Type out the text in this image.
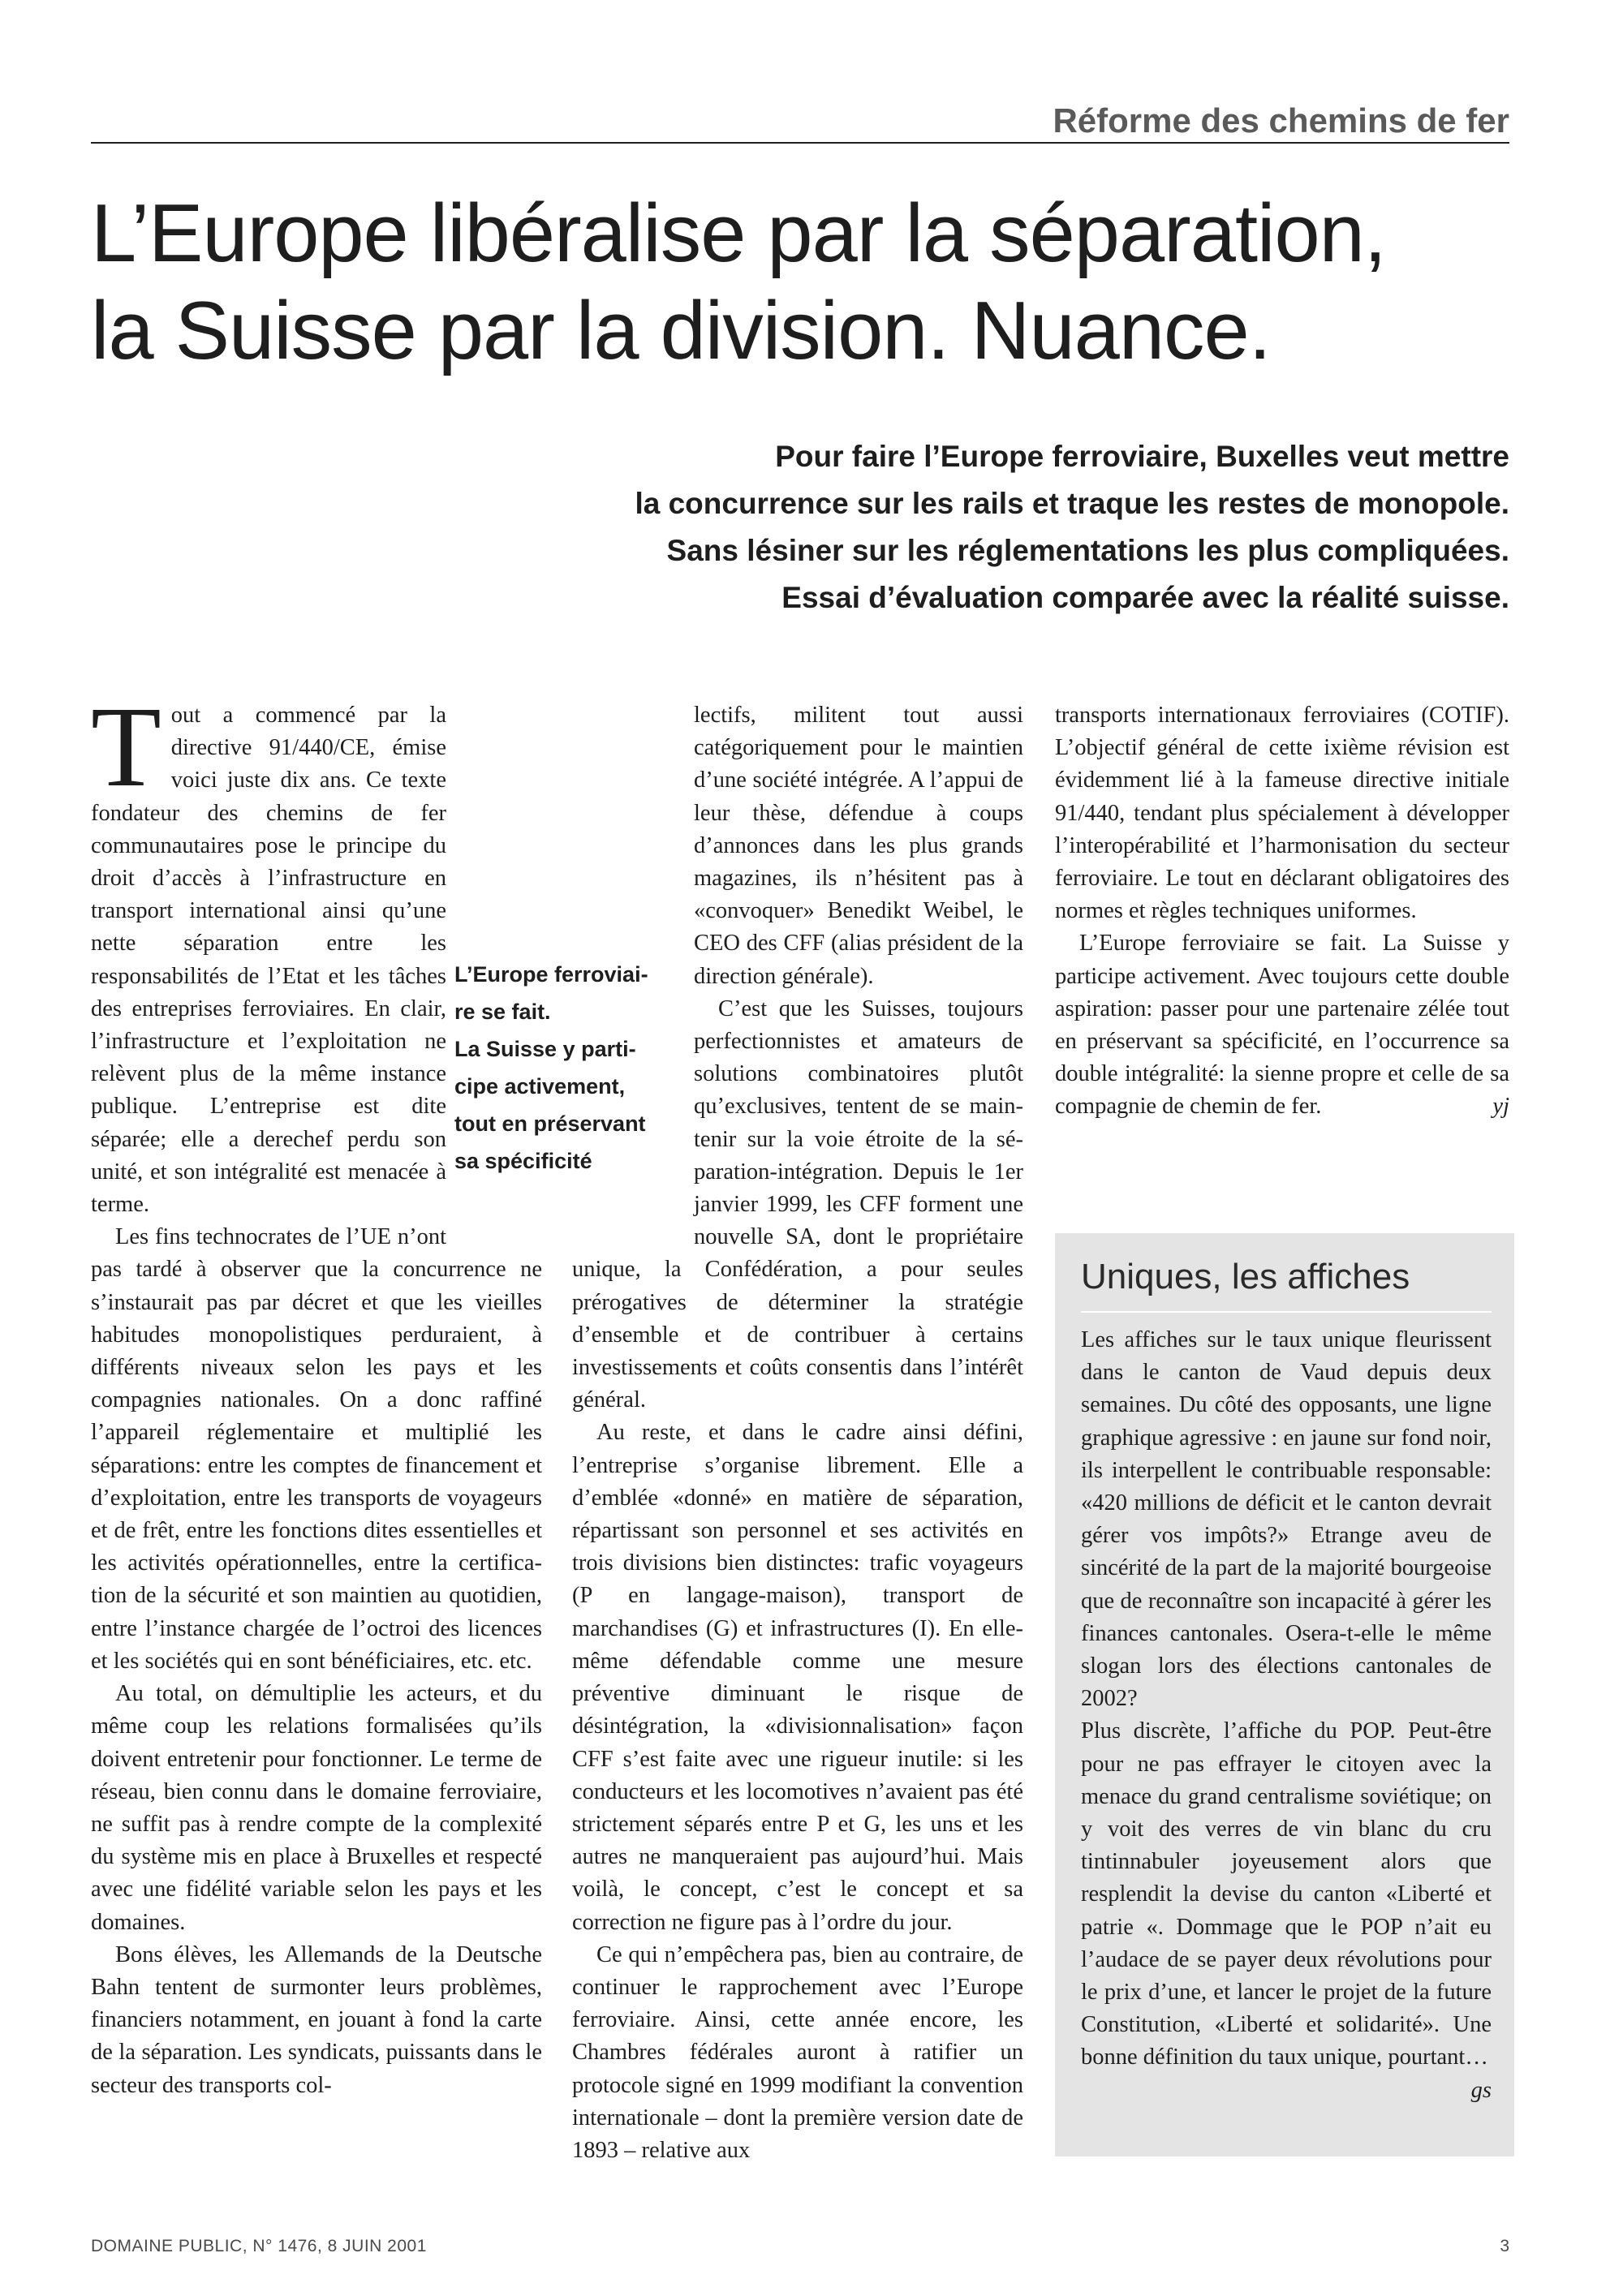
Réforme des chemins de fer
L’Europe libéralise par la séparation,
la Suisse par la division. Nuance.
Pour faire l’Europe ferroviaire, Buxelles veut mettre
la concurrence sur les rails et traque les restes de monopole.
Sans lésiner sur les réglementations les plus compliquées.
Essai d’évaluation comparée avec la réalité suisse.

Tout a commencé par la directive 91/440/CE, émise voici juste dix ans. Ce texte fondateur des chemins de fer communautaires pose le principe du droit d’accès à l’infrastructure en transport international ainsi qu’une nette séparation entre les responsabilités de l’Etat et les tâches des entreprises ferroviaires. En clair, l’infrastructure et l’exploitation ne relèvent plus de la même instance publique. L’entreprise est dite séparée; elle a derechef perdu son unité, et son intégralité est menacée à terme.

Les fins technocrates de l’UE n’ont pas tardé à observer que la concurrence ne s’instaurait pas par décret et que les vieilles habitudes monopolistiques perduraient, à différents niveaux selon les pays et les compagnies nationales. On a donc raffiné l’appareil réglementaire et multiplié les séparations: entre les comptes de financement et d’exploitation, entre les transports de voyageurs et de frêt, entre les fonctions dites essentielles et les activités opérationnelles, entre la certification de la sécurité et son maintien au quotidien, entre l’instance chargée de l’octroi des licences et les sociétés qui en sont bénéficiaires, etc. etc.

Au total, on démultiplie les acteurs, et du même coup les relations formalisées qu’ils doivent entretenir pour fonctionner. Le terme de réseau, bien connu dans le domaine ferroviaire, ne suffit pas à rendre compte de la complexité du système mis en place à Bruxelles et respecté avec une fidélité variable selon les pays et les domaines.

Bons élèves, les Allemands de la Deutsche Bahn tentent de surmonter leurs problèmes, financiers notamment, en jouant à fond la carte de la séparation. Les syndicats, puissants dans le secteur des transports col-

lectifs, militent tout aussi catégoriquement pour le maintien d’une société intégrée. A l’appui de leur thèse, défendue à coups d’annonces dans les plus grands magazines, ils n’hésitent pas à «convoquer» Benedikt Weibel, le CEO des CFF (alias président de la direction générale).

C’est que les Suisses, toujours perfectionnistes et amateurs de solutions combinatoires plutôt qu’exclusives, tentent de se maintenir sur la voie étroite de la séparation-intégration. Depuis le 1er janvier 1999, les CFF forment une nouvelle SA, dont le propriétaire unique, la Confédération, a pour seules prérogatives de déterminer la stratégie d’ensemble et de contribuer à certains investissements et coûts consentis dans l’intérêt général.

Au reste, et dans le cadre ainsi défini, l’entreprise s’organise librement. Elle a d’emblée «donné» en matière de séparation, répartissant son personnel et ses activités en trois divisions bien distinctes: trafic voyageurs (P en langage-maison), transport de marchandises (G) et infrastructures (I). En elle-même défendable comme une mesure préventive diminuant le risque de désintégration, la «divisionnalisation» façon CFF s’est faite avec une rigueur inutile: si les conducteurs et les locomotives n’avaient pas été strictement séparés entre P et G, les uns et les autres ne manqueraient pas aujourd’hui. Mais voilà, le concept, c’est le concept et sa correction ne figure pas à l’ordre du jour.

Ce qui n’empêchera pas, bien au contraire, de continuer le rapprochement avec l’Europe ferroviaire. Ainsi, cette année encore, les Chambres fédérales auront à ratifier un protocole signé en 1999 modifiant la convention internationale – dont la première version date de 1893 – relative aux

L’Europe ferroviai-
re se fait.
La Suisse y parti-
cipe activement,
tout en préservant
sa spécificité

transports internationaux ferroviaires (COTIF). L’objectif général de cette ixième révision est évidemment lié à la fameuse directive initiale 91/440, tendant plus spécialement à développer l’interopérabilité et l’harmonisation du secteur ferroviaire. Le tout en déclarant obligatoires des normes et règles techniques uniformes.

L’Europe ferroviaire se fait. La Suisse y participe activement. Avec toujours cette double aspiration: passer pour une partenaire zélée tout en préservant sa spécificité, en l’occurrence sa double intégralité: la sienne propre et celle de sa compagnie de chemin de fer.	yj

Uniques, les affiches

Les affiches sur le taux unique fleurissent dans le canton de Vaud depuis deux semaines. Du côté des opposants, une ligne graphique agressive : en jaune sur fond noir, ils interpellent le contribuable responsable: «420 millions de déficit et le canton devrait gérer vos impôts?» Etrange aveu de sincérité de la part de la majorité bourgeoise que de reconnaître son incapacité à gérer les finances cantonales. Osera-t-elle le même slogan lors des élections cantonales de 2002?

Plus discrète, l’affiche du POP. Peut-être pour ne pas effrayer le citoyen avec la menace du grand centralisme soviétique; on y voit des verres de vin blanc du cru tintinnabuler joyeusement alors que resplendit la devise du canton «Liberté et patrie «. Dommage que le POP n’ait eu l’audace de se payer deux révolutions pour le prix d’une, et lancer le projet de la future Constitution, «Liberté et solidarité». Une bonne définition du taux unique, pourtant…
gs

DOMAINE PUBLIC, N° 1476, 8 JUIN 2001	3
